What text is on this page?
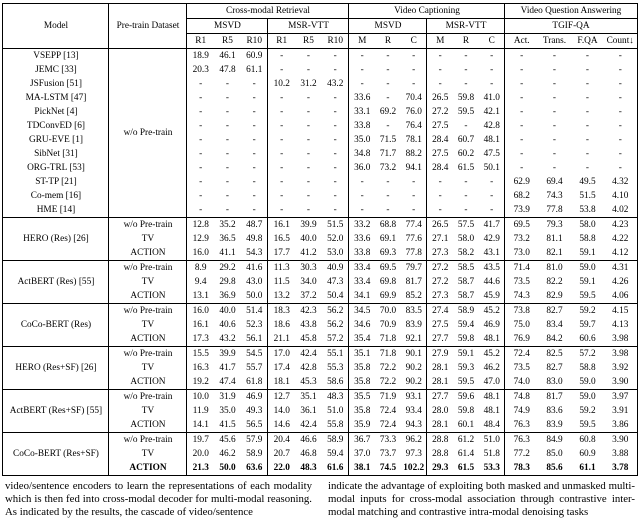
Model	Pre-train Dataset	Cross-modal Retrieval						Video Captioning						Video Question Answering			
		MSVD			MSR-VTT			MSVD			MSR-VTT			TGIF-QA			
		R1	R5	R10	R1	R5	R10	M	R	C	M	R	C	Act.	Trans.	F.QA	Count↓
VSEPP [13]	w/o Pre-train	18.9	46.1	60.9	-	-	-	-	-	-	-	-	-	-	-	-	-
JEMC [33]		20.3	47.8	61.1	-	-	-	-	-	-	-	-	-	-	-	-	-
JSFusion [51]		-	-	-	10.2	31.2	43.2	-	-	-	-	-	-	-	-	-	-
MA-LSTM [47]		-	-	-	-	-	-	33.6	-	70.4	26.5	59.8	41.0	-	-	-	-
PickNet [4]		-	-	-	-	-	-	33.1	69.2	76.0	27.2	59.5	42.1	-	-	-	-
TDConvED [6]		-	-	-	-	-	-	33.8	-	76.4	27.5	-	42.8	-	-	-	-
GRU-EVE [1]		-	-	-	-	-	-	35.0	71.5	78.1	28.4	60.7	48.1	-	-	-	-
SibNet [31]		-	-	-	-	-	-	34.8	71.7	88.2	27.5	60.2	47.5	-	-	-	-
ORG-TRL [53]		-	-	-	-	-	-	36.0	73.2	94.1	28.4	61.5	50.1	-	-	-	-
ST-TP [21]		-	-	-	-	-	-	-	-	-	-	-	-	62.9	69.4	49.5	4.32
Co-mem [16]		-	-	-	-	-	-	-	-	-	-	-	-	68.2	74.3	51.5	4.10
HME [14]		-	-	-	-	-	-	-	-	-	-	-	-	73.9	77.8	53.8	4.02
HERO (Res) [26]	w/o Pre-train	12.8	35.2	48.7	16.1	39.9	51.5	33.2	68.8	77.4	26.5	57.5	41.7	69.5	79.3	58.0	4.23
	TV	12.9	36.5	49.8	16.5	40.0	52.0	33.6	69.1	77.6	27.1	58.0	42.9	73.2	81.1	58.8	4.22
	ACTION	16.0	41.1	54.3	17.7	41.2	53.0	33.8	69.3	77.8	27.3	58.2	43.1	73.0	82.1	59.1	4.12
ActBERT (Res) [55]	w/o Pre-train	8.9	29.2	41.6	11.3	30.3	40.9	33.4	69.5	79.7	27.2	58.5	43.5	71.4	81.0	59.0	4.31
	TV	9.4	29.8	43.0	11.5	34.0	47.3	33.4	69.8	81.7	27.2	58.7	44.6	73.5	82.2	59.1	4.26
	ACTION	13.1	36.9	50.0	13.2	37.2	50.4	34.1	69.9	85.2	27.3	58.7	45.9	74.3	82.9	59.5	4.06
CoCo-BERT (Res)	w/o Pre-train	16.0	40.0	51.4	18.3	42.3	56.2	34.5	70.0	83.5	27.4	58.9	45.2	73.8	82.7	59.2	4.15
	TV	16.1	40.6	52.3	18.6	43.8	56.2	34.6	70.9	83.9	27.5	59.4	46.9	75.0	83.4	59.7	4.13
	ACTION	17.3	43.2	56.1	21.1	45.8	57.2	35.4	71.8	92.1	27.7	59.8	48.1	76.9	84.2	60.6	3.98
HERO (Res+SF) [26]	w/o Pre-train	15.5	39.9	54.5	17.0	42.4	55.1	35.1	71.8	90.1	27.9	59.1	45.2	72.4	82.5	57.2	3.98
	TV	16.3	41.7	55.7	17.4	42.8	55.3	35.8	72.2	90.2	28.1	59.3	46.2	73.5	82.7	58.8	3.92
	ACTION	19.2	47.4	61.8	18.1	45.3	58.6	35.8	72.2	90.2	28.1	59.5	47.0	74.0	83.0	59.0	3.90
ActBERT (Res+SF) [55]	w/o Pre-train	10.0	31.9	46.9	12.7	35.1	48.3	35.5	71.9	93.1	27.7	59.6	48.1	74.8	81.7	59.0	3.97
	TV	11.9	35.0	49.3	14.0	36.1	51.0	35.8	72.4	93.4	28.0	59.8	48.1	74.9	83.6	59.2	3.91
	ACTION	14.1	41.5	56.5	14.6	42.4	55.8	35.9	72.4	94.3	28.1	60.1	48.4	76.3	83.9	59.5	3.86
CoCo-BERT (Res+SF)	w/o Pre-train	19.7	45.6	57.9	20.4	46.6	58.9	36.7	73.3	96.2	28.8	61.2	51.0	76.3	84.9	60.8	3.90
	TV	20.0	46.2	58.9	20.7	46.8	59.4	37.0	73.7	97.3	28.8	61.4	51.8	77.2	85.0	60.9	3.88
	ACTION	21.3	50.0	63.6	22.0	48.3	61.6	38.1	74.5	102.2	29.3	61.5	53.3	78.3	85.6	61.1	3.78

video/sentence encoders to learn the representations of each modality which is then fed into cross-modal decoder for multi-modal reasoning. As indicated by the results, the cascade of video/sentence

indicate the advantage of exploiting both masked and unmasked multi-modal inputs for cross-modal association through contrastive inter-modal matching and contrastive intra-modal denoising tasks
